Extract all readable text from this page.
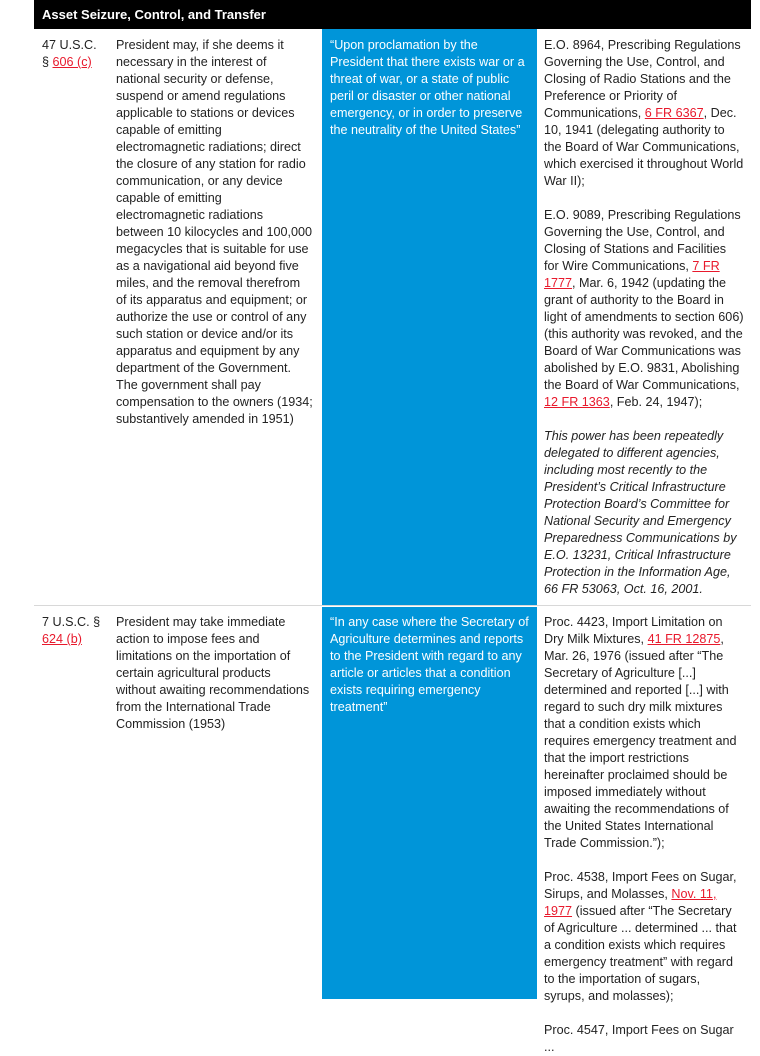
Asset Seizure, Control, and Transfer
47 U.S.C.
§ 606 (c)
President may, if she deems it necessary in the interest of national security or defense, suspend or amend regulations applicable to stations or devices capable of emitting electromagnetic radiations; direct the closure of any station for radio communication, or any device capable of emitting electromagnetic radiations between 10 kilocycles and 100,000 megacycles that is suitable for use as a navigational aid beyond five miles, and the removal therefrom of its apparatus and equipment; or authorize the use or control of any such station or device and/or its apparatus and equipment by any department of the Government. The government shall pay compensation to the owners (1934; substantively amended in 1951)
“Upon proclamation by the President that there exists war or a threat of war, or a state of public peril or disaster or other national emergency, or in order to preserve the neutrality of the United States”

E.O. 8964, Prescribing Regulations Governing the Use, Control, and Closing of Radio Stations and the Preference or Priority of Communications, 6 FR 6367, Dec. 10, 1941 (delegating authority to the Board of War Communications, which exercised it throughout World War II);

E.O. 9089, Prescribing Regulations Governing the Use, Control, and Closing of Stations and Facilities for Wire Communications, 7 FR 1777, Mar. 6, 1942 (updating the grant of authority to the Board in light of amendments to section 606) (this authority was revoked, and the Board of War Communications was abolished by E.O. 9831, Abolishing the Board of War Communications, 12 FR 1363, Feb. 24, 1947);

This power has been repeatedly delegated to different agencies, including most recently to the President’s Critical Infrastructure Protection Board’s Committee for National Security and Emergency Preparedness Communications by E.O. 13231, Critical Infrastructure Protection in the Information Age, 66 FR 53063, Oct. 16, 2001.

7 U.S.C. §
624 (b)
President may take immediate action to impose fees and limitations on the importation of certain agricultural products without awaiting recommendations from the International Trade Commission (1953)
“In any case where the Secretary of Agriculture determines and reports to the President with regard to any article or articles that a condition exists requiring emergency treatment”

Proc. 4423, Import Limitation on Dry Milk Mixtures, 41 FR 12875, Mar. 26, 1976 (issued after “The Secretary of Agriculture [...] determined and reported [...] with regard to such dry milk mixtures that a condition exists which requires emergency treatment and that the import restrictions hereinafter proclaimed should be imposed immediately without awaiting the recommendations of the United States International Trade Commission.”);

Proc. 4538, Import Fees on Sugar, Sirups, and Molasses, Nov. 11, 1977 (issued after “The Secretary of Agriculture ... determined ... that a condition exists which requires emergency treatment” with regard to the importation of sugars, syrups, and molasses);

Proc. 4547, Import Fees on Sugar ...
